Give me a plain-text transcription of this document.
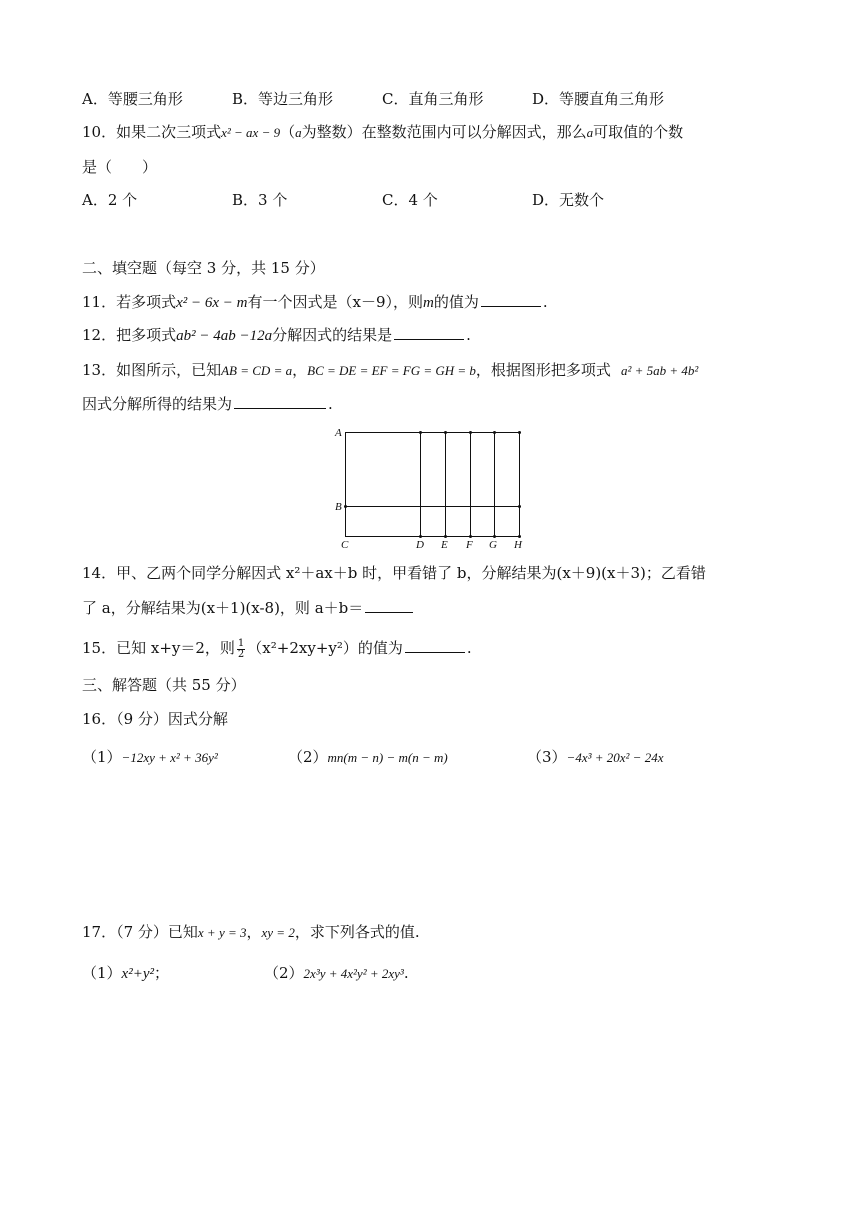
A．等腰三角形	B．等边三角形	C．直角三角形	D．等腰直角三角形
10．如果二次三项式x² − ax − 9（a为整数）在整数范围内可以分解因式，那么a可取值的个数
是（　　）
A．2 个	B．3 个	C．4 个	D．无数个
二、填空题（每空 3 分，共 15 分）
11．若多项式x² − 6x − m有一个因式是（x－9），则m的值为	.
12．把多项式ab² − 4ab −12a分解因式的结果是	.
13．如图所示，已知AB = CD = a，BC = DE = EF = FG = GH = b，根据图形把多项式 a² + 5ab + 4b²
因式分解所得的结果为	.
A
B
C	D E F G H
14．甲、乙两个同学分解因式 x²＋ax＋b 时，甲看错了 b，分解结果为(x＋9)(x＋3)；乙看错
了 a，分解结果为(x＋1)(x-8)，则 a＋b＝
15．已知 x+y＝2，则 $\frac{1}{2} (x^2+2xy+y^2)$的值为	.
三、解答题（共 55 分）
16．（9 分）因式分解
（1）−12xy + x² + 36y²	（2）mn(m − n) − m(n − m)	（3）−4x³ + 20x² − 24x
17．（7 分）已知x + y = 3，xy = 2，求下列各式的值.
（1）x²+y²；	（2）2x³y + 4x²y² + 2xy³.
